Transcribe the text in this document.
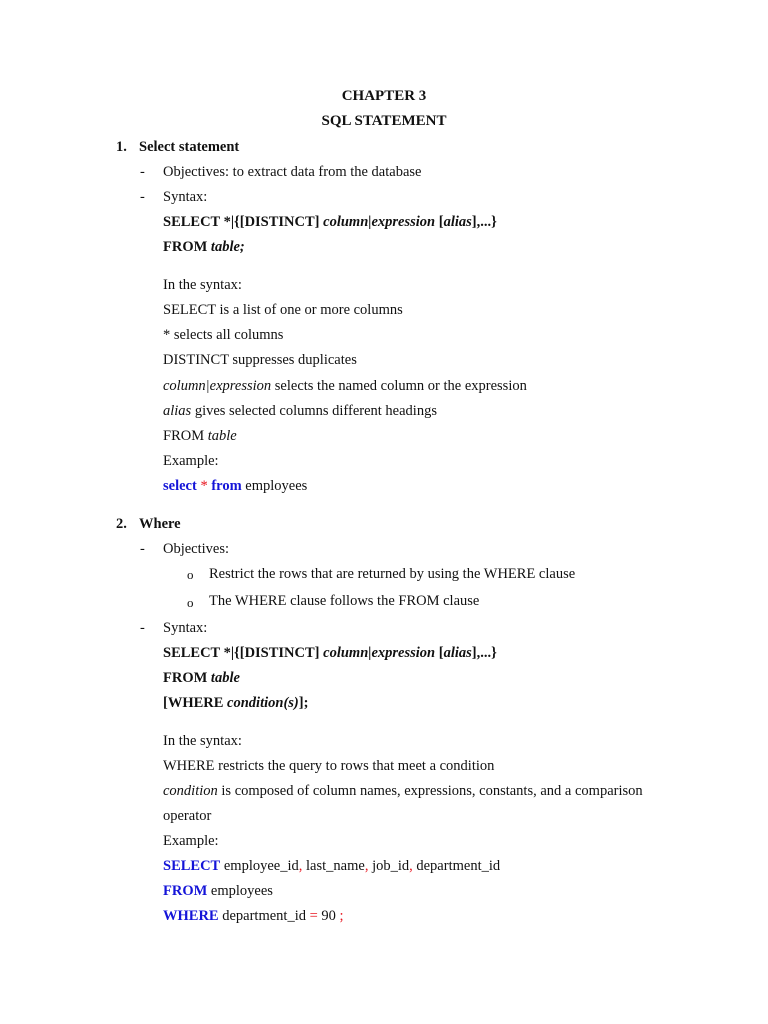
CHAPTER 3
SQL STATEMENT
1. Select statement
- Objectives: to extract data from the database
- Syntax:
SELECT *|{[DISTINCT] column|expression [alias],...}
FROM table;
In the syntax:
SELECT is a list of one or more columns
* selects all columns
DISTINCT suppresses duplicates
column|expression selects the named column or the expression
alias gives selected columns different headings
FROM table
Example:
select * from employees
2. Where
- Objectives:
o Restrict the rows that are returned by using the WHERE clause
o The WHERE clause follows the FROM clause
- Syntax:
SELECT *|{[DISTINCT] column|expression [alias],...}
FROM table
[WHERE condition(s)];
In the syntax:
WHERE restricts the query to rows that meet a condition
condition is composed of column names, expressions, constants, and a comparison
operator
Example:
SELECT employee_id, last_name, job_id, department_id
FROM employees
WHERE department_id = 90 ;
